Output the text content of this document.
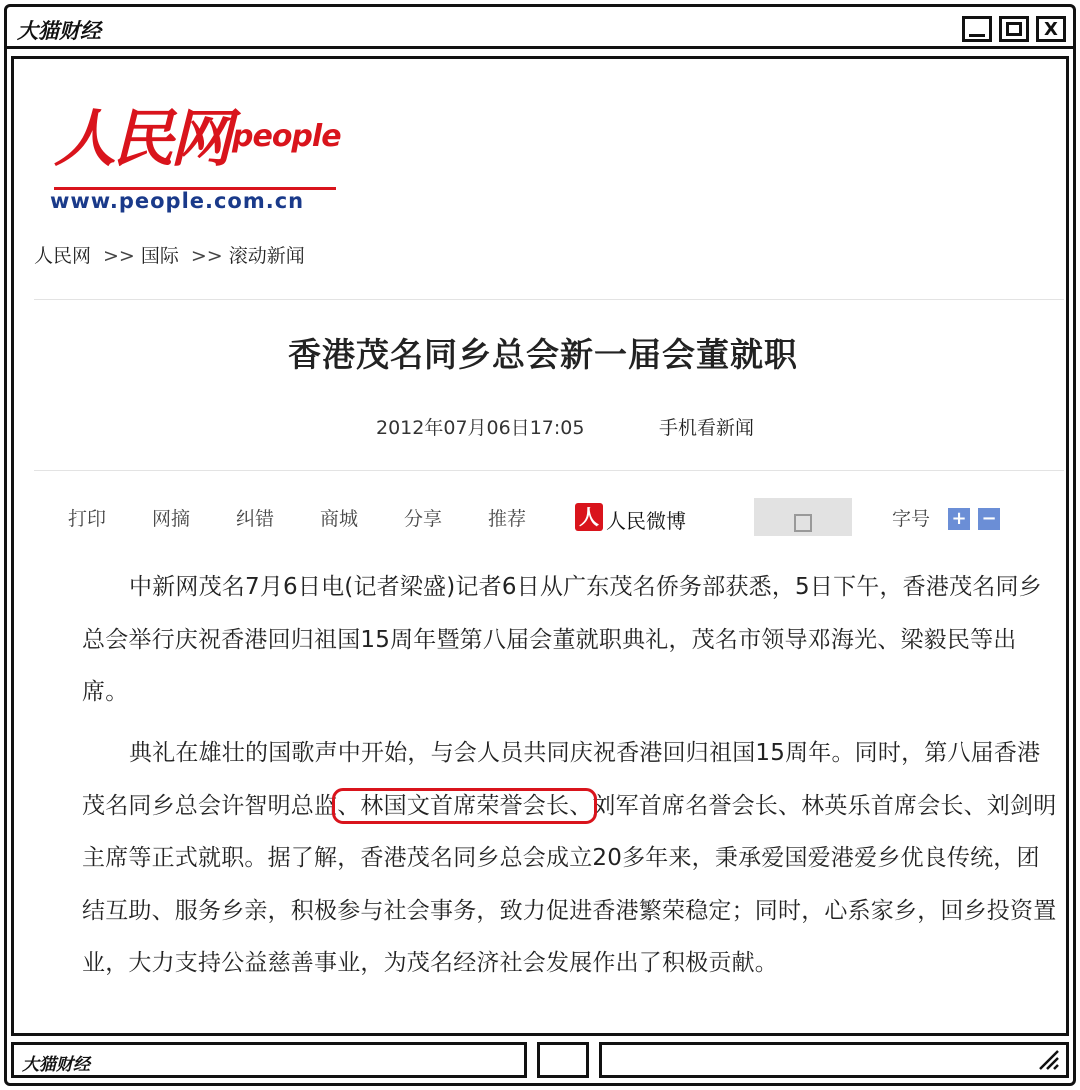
大猫财经	X
人民网 people
www.people.com.cn
人民网 >> 国际 >> 滚动新闻
香港茂名同乡总会新一届会董就职
2012年07月06日17:05	手机看新闻
打印 网摘 纠错 商城 分享 推荐	人 人民微博	字号 + −

中新网茂名7月6日电(记者梁盛)记者6日从广东茂名侨务部获悉，5日下午，香港茂名同乡总会举行庆祝香港回归祖国15周年暨第八届会董就职典礼，茂名市领导邓海光、梁毅民等出席。

典礼在雄壮的国歌声中开始，与会人员共同庆祝香港回归祖国15周年。同时，第八届香港茂名同乡总会许智明总监、林国文首席荣誉会长、刘军首席名誉会长、林英乐首席会长、刘剑明主席等正式就职。据了解，香港茂名同乡总会成立20多年来，秉承爱国爱港爱乡优良传统，团结互助、服务乡亲，积极参与社会事务，致力促进香港繁荣稳定；同时，心系家乡，回乡投资置业，大力支持公益慈善事业，为茂名经济社会发展作出了积极贡献。

大猫财经
